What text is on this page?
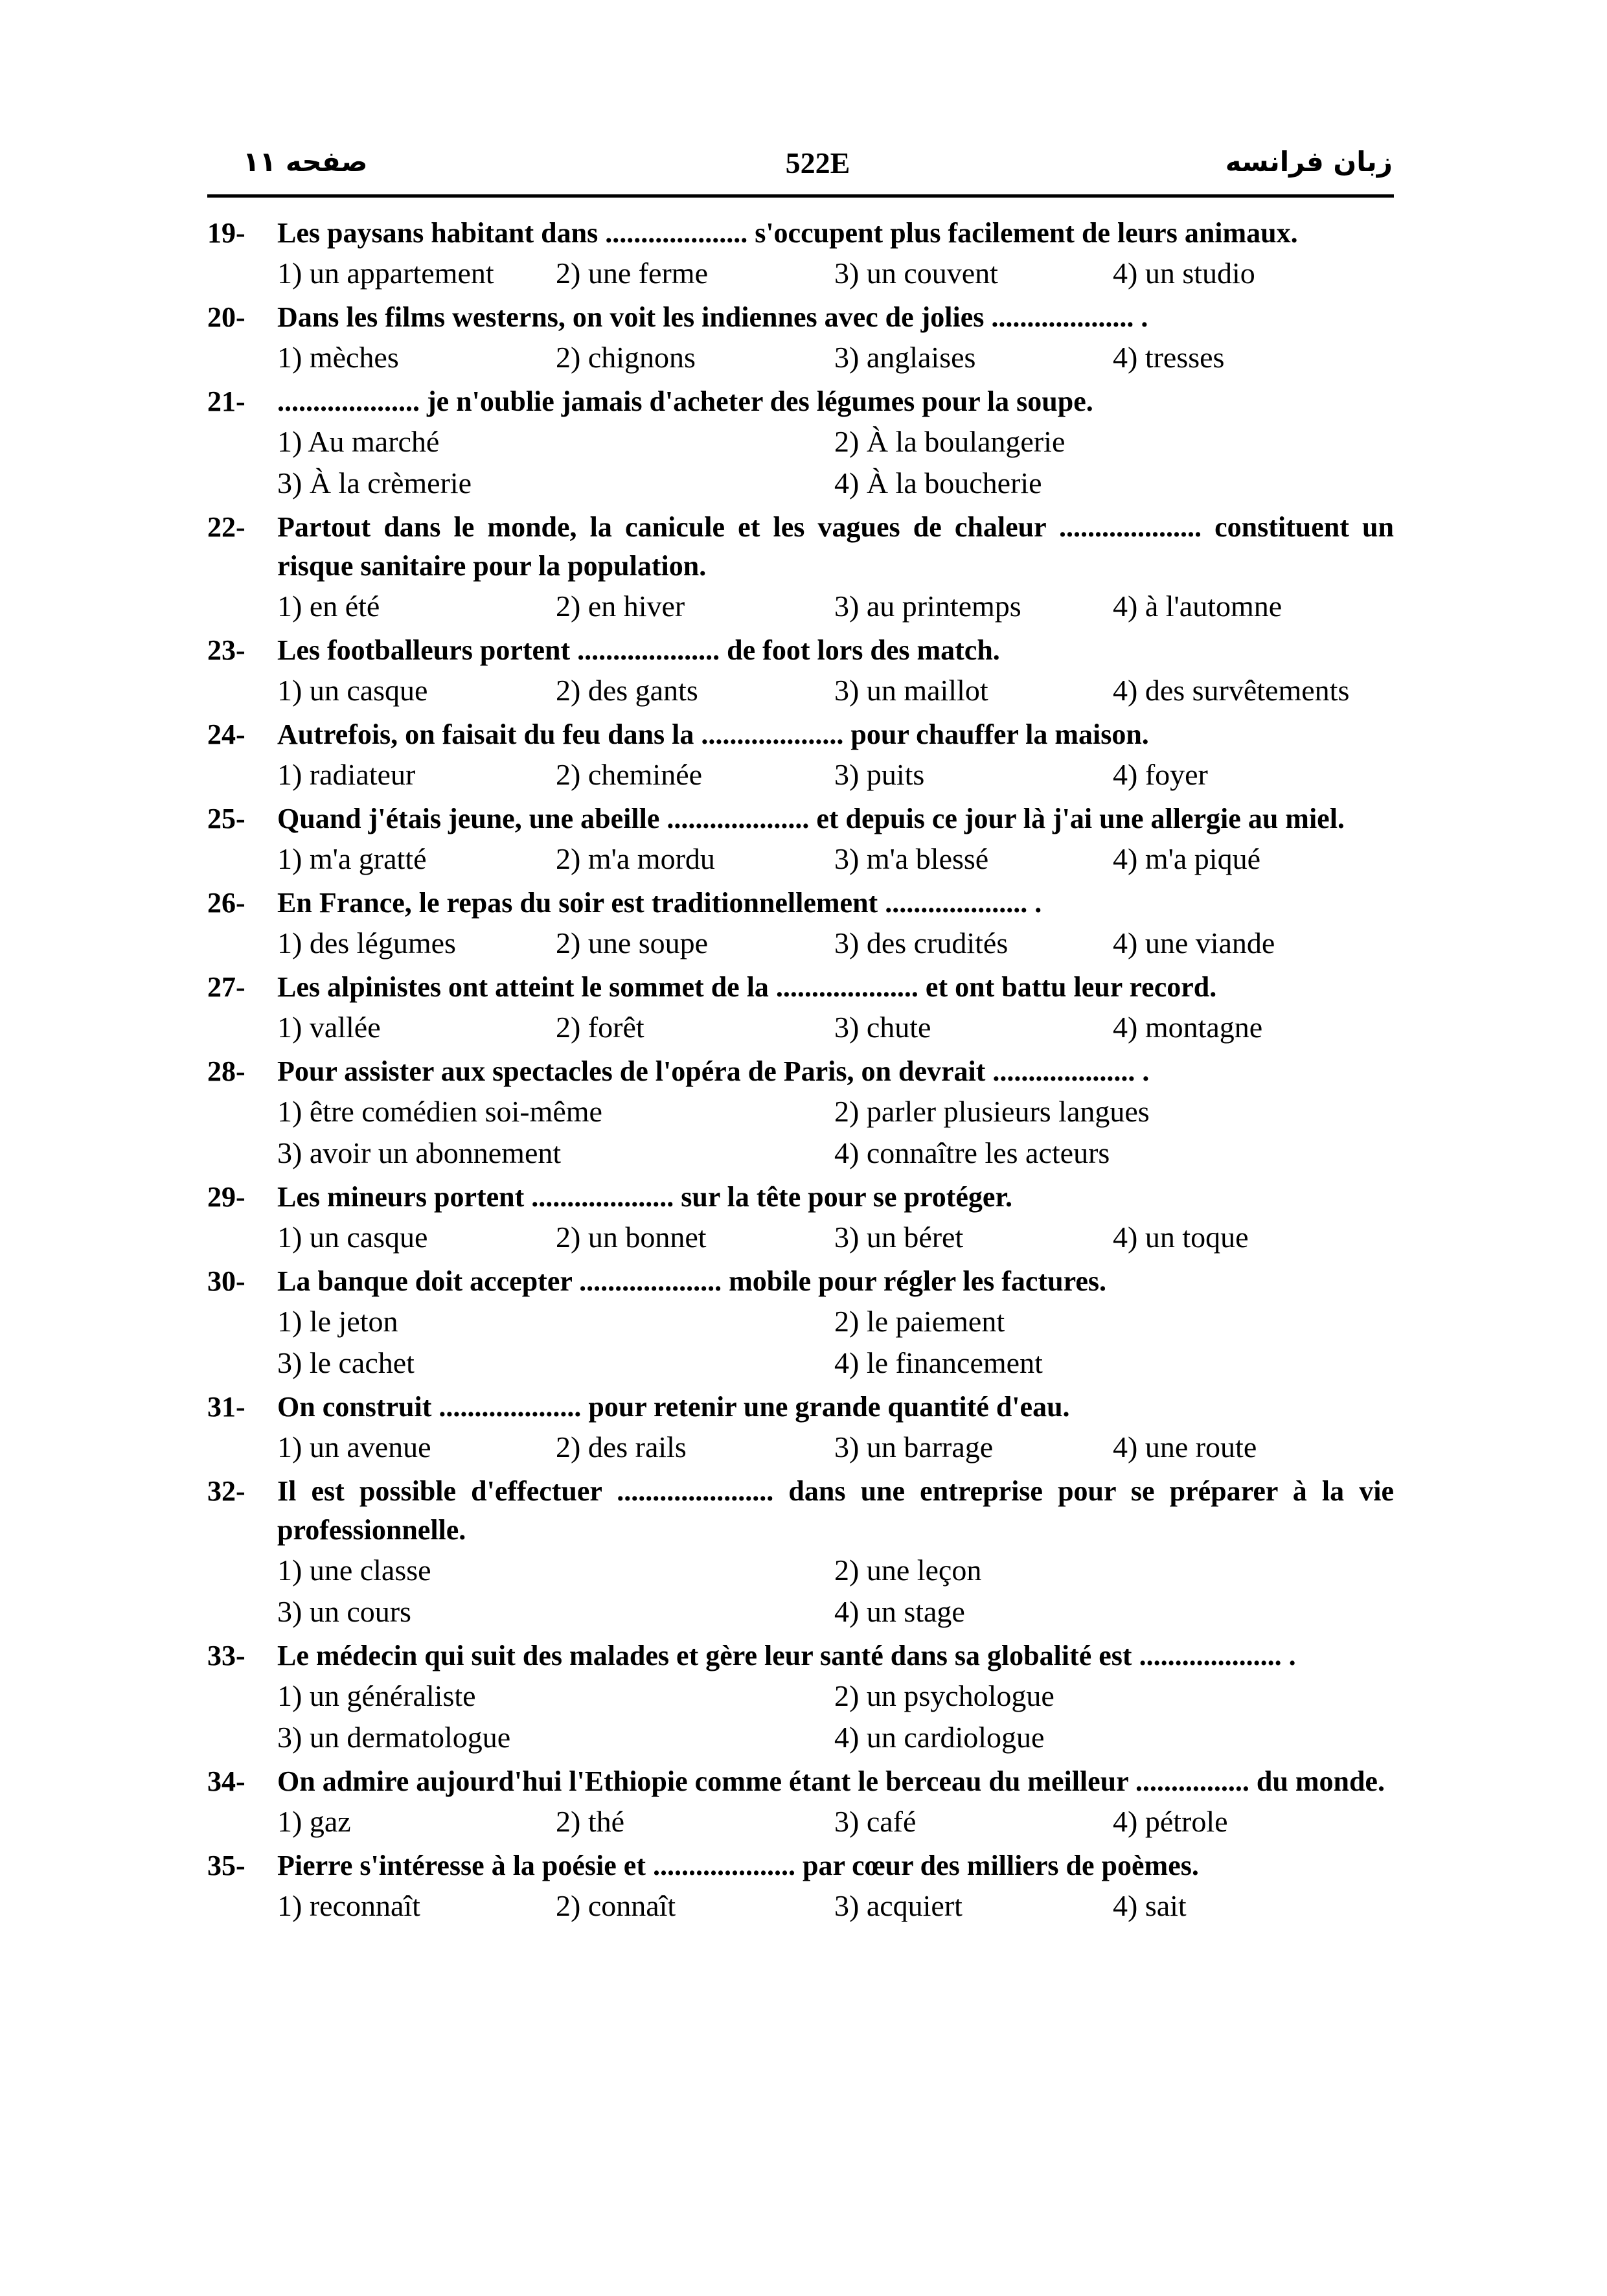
صفحه ۱۱	522E	زبان فرانسه
19- Les paysans habitant dans .................... s'occupent plus facilement de leurs animaux.
1) un appartement	2) une ferme	3) un couvent	4) un studio
20- Dans les films westerns, on voit les indiennes avec de jolies .................... .
1) mèches	2) chignons	3) anglaises	4) tresses
21- .................... je n'oublie jamais d'acheter des légumes pour la soupe.
1) Au marché	2) À la boulangerie
3) À la crèmerie	4) À la boucherie
22- Partout dans le monde, la canicule et les vagues de chaleur .................... constituent un risque sanitaire pour la population.
1) en été	2) en hiver	3) au printemps	4) à l'automne
23- Les footballeurs portent .................... de foot lors des match.
1) un casque	2) des gants	3) un maillot	4) des survêtements
24- Autrefois, on faisait du feu dans la .................... pour chauffer la maison.
1) radiateur	2) cheminée	3) puits	4) foyer
25- Quand j'étais jeune, une abeille .................... et depuis ce jour là j'ai une allergie au miel.
1) m'a gratté	2) m'a mordu	3) m'a blessé	4) m'a piqué
26- En France, le repas du soir est traditionnellement .................... .
1) des légumes	2) une soupe	3) des crudités	4) une viande
27- Les alpinistes ont atteint le sommet de la .................... et ont battu leur record.
1) vallée	2) forêt	3) chute	4) montagne
28- Pour assister aux spectacles de l'opéra de Paris, on devrait .................... .
1) être comédien soi-même	2) parler plusieurs langues
3) avoir un abonnement	4) connaître les acteurs
29- Les mineurs portent .................... sur la tête pour se protéger.
1) un casque	2) un bonnet	3) un béret	4) un toque
30- La banque doit accepter .................... mobile pour régler les factures.
1) le jeton	2) le paiement
3) le cachet	4) le financement
31- On construit .................... pour retenir une grande quantité d'eau.
1) un avenue	2) des rails	3) un barrage	4) une route
32- Il est possible d'effectuer ...................... dans une entreprise pour se préparer à la vie professionnelle.
1) une classe	2) une leçon
3) un cours	4) un stage
33- Le médecin qui suit des malades et gère leur santé dans sa globalité est .................... .
1) un généraliste	2) un psychologue
3) un dermatologue	4) un cardiologue
34- On admire aujourd'hui l'Ethiopie comme étant le berceau du meilleur ................ du monde.
1) gaz	2) thé	3) café	4) pétrole
35- Pierre s'intéresse à la poésie et .................... par cœur des milliers de poèmes.
1) reconnaît	2) connaît	3) acquiert	4) sait
